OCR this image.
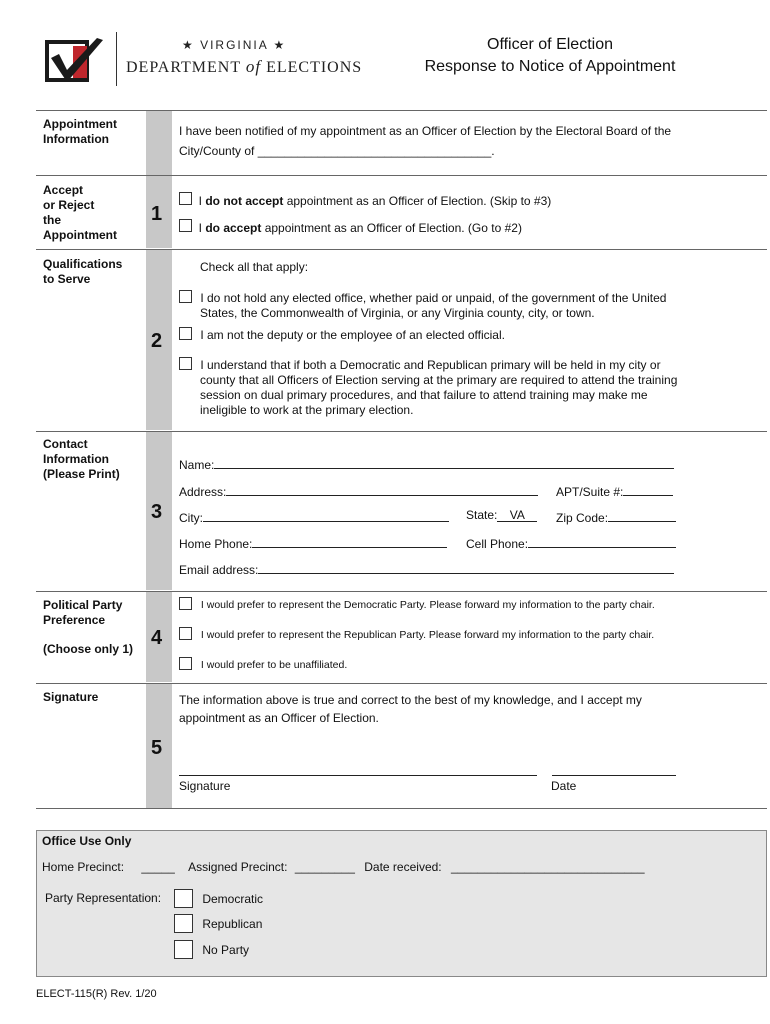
★ VIRGINIA ★
DEPARTMENT of ELECTIONS
Officer of Election
Response to Notice of Appointment
Appointment
Information
I have been notified of my appointment as an Officer of Election by the Electoral Board of the
City/County of ___________________________________.
Accept
or Reject
the
Appointment
1
I do not accept appointment as an Officer of Election. (Skip to #3)
I do accept appointment as an Officer of Election. (Go to #2)
Qualifications
to Serve
2
Check all that apply:
I do not hold any elected office, whether paid or unpaid, of the government of the United
States, the Commonwealth of Virginia, or any Virginia county, city, or town.
I am not the deputy or the employee of an elected official.
I understand that if both a Democratic and Republican primary will be held in my city or
county that all Officers of Election serving at the primary are required to attend the training
session on dual primary procedures, and that failure to attend training may make me
ineligible to work at the primary election.
Contact
Information
(Please Print)
3
Name:
Address:	APT/Suite #:
City:	State: VA	Zip Code:
Home Phone:	Cell Phone:
Email address:
Political Party
Preference
(Choose only 1) 4
I would prefer to represent the Democratic Party. Please forward my information to the party chair.
I would prefer to represent the Republican Party. Please forward my information to the party chair.
I would prefer to be unaffiliated.
Signature
5
The information above is true and correct to the best of my knowledge, and I accept my
appointment as an Officer of Election.
Signature	Date
Office Use Only
Home Precinct: _____ Assigned Precinct: _________ Date received: _____________________________
Party Representation:	Democratic
Republican
No Party
ELECT-115(R) Rev. 1/20
